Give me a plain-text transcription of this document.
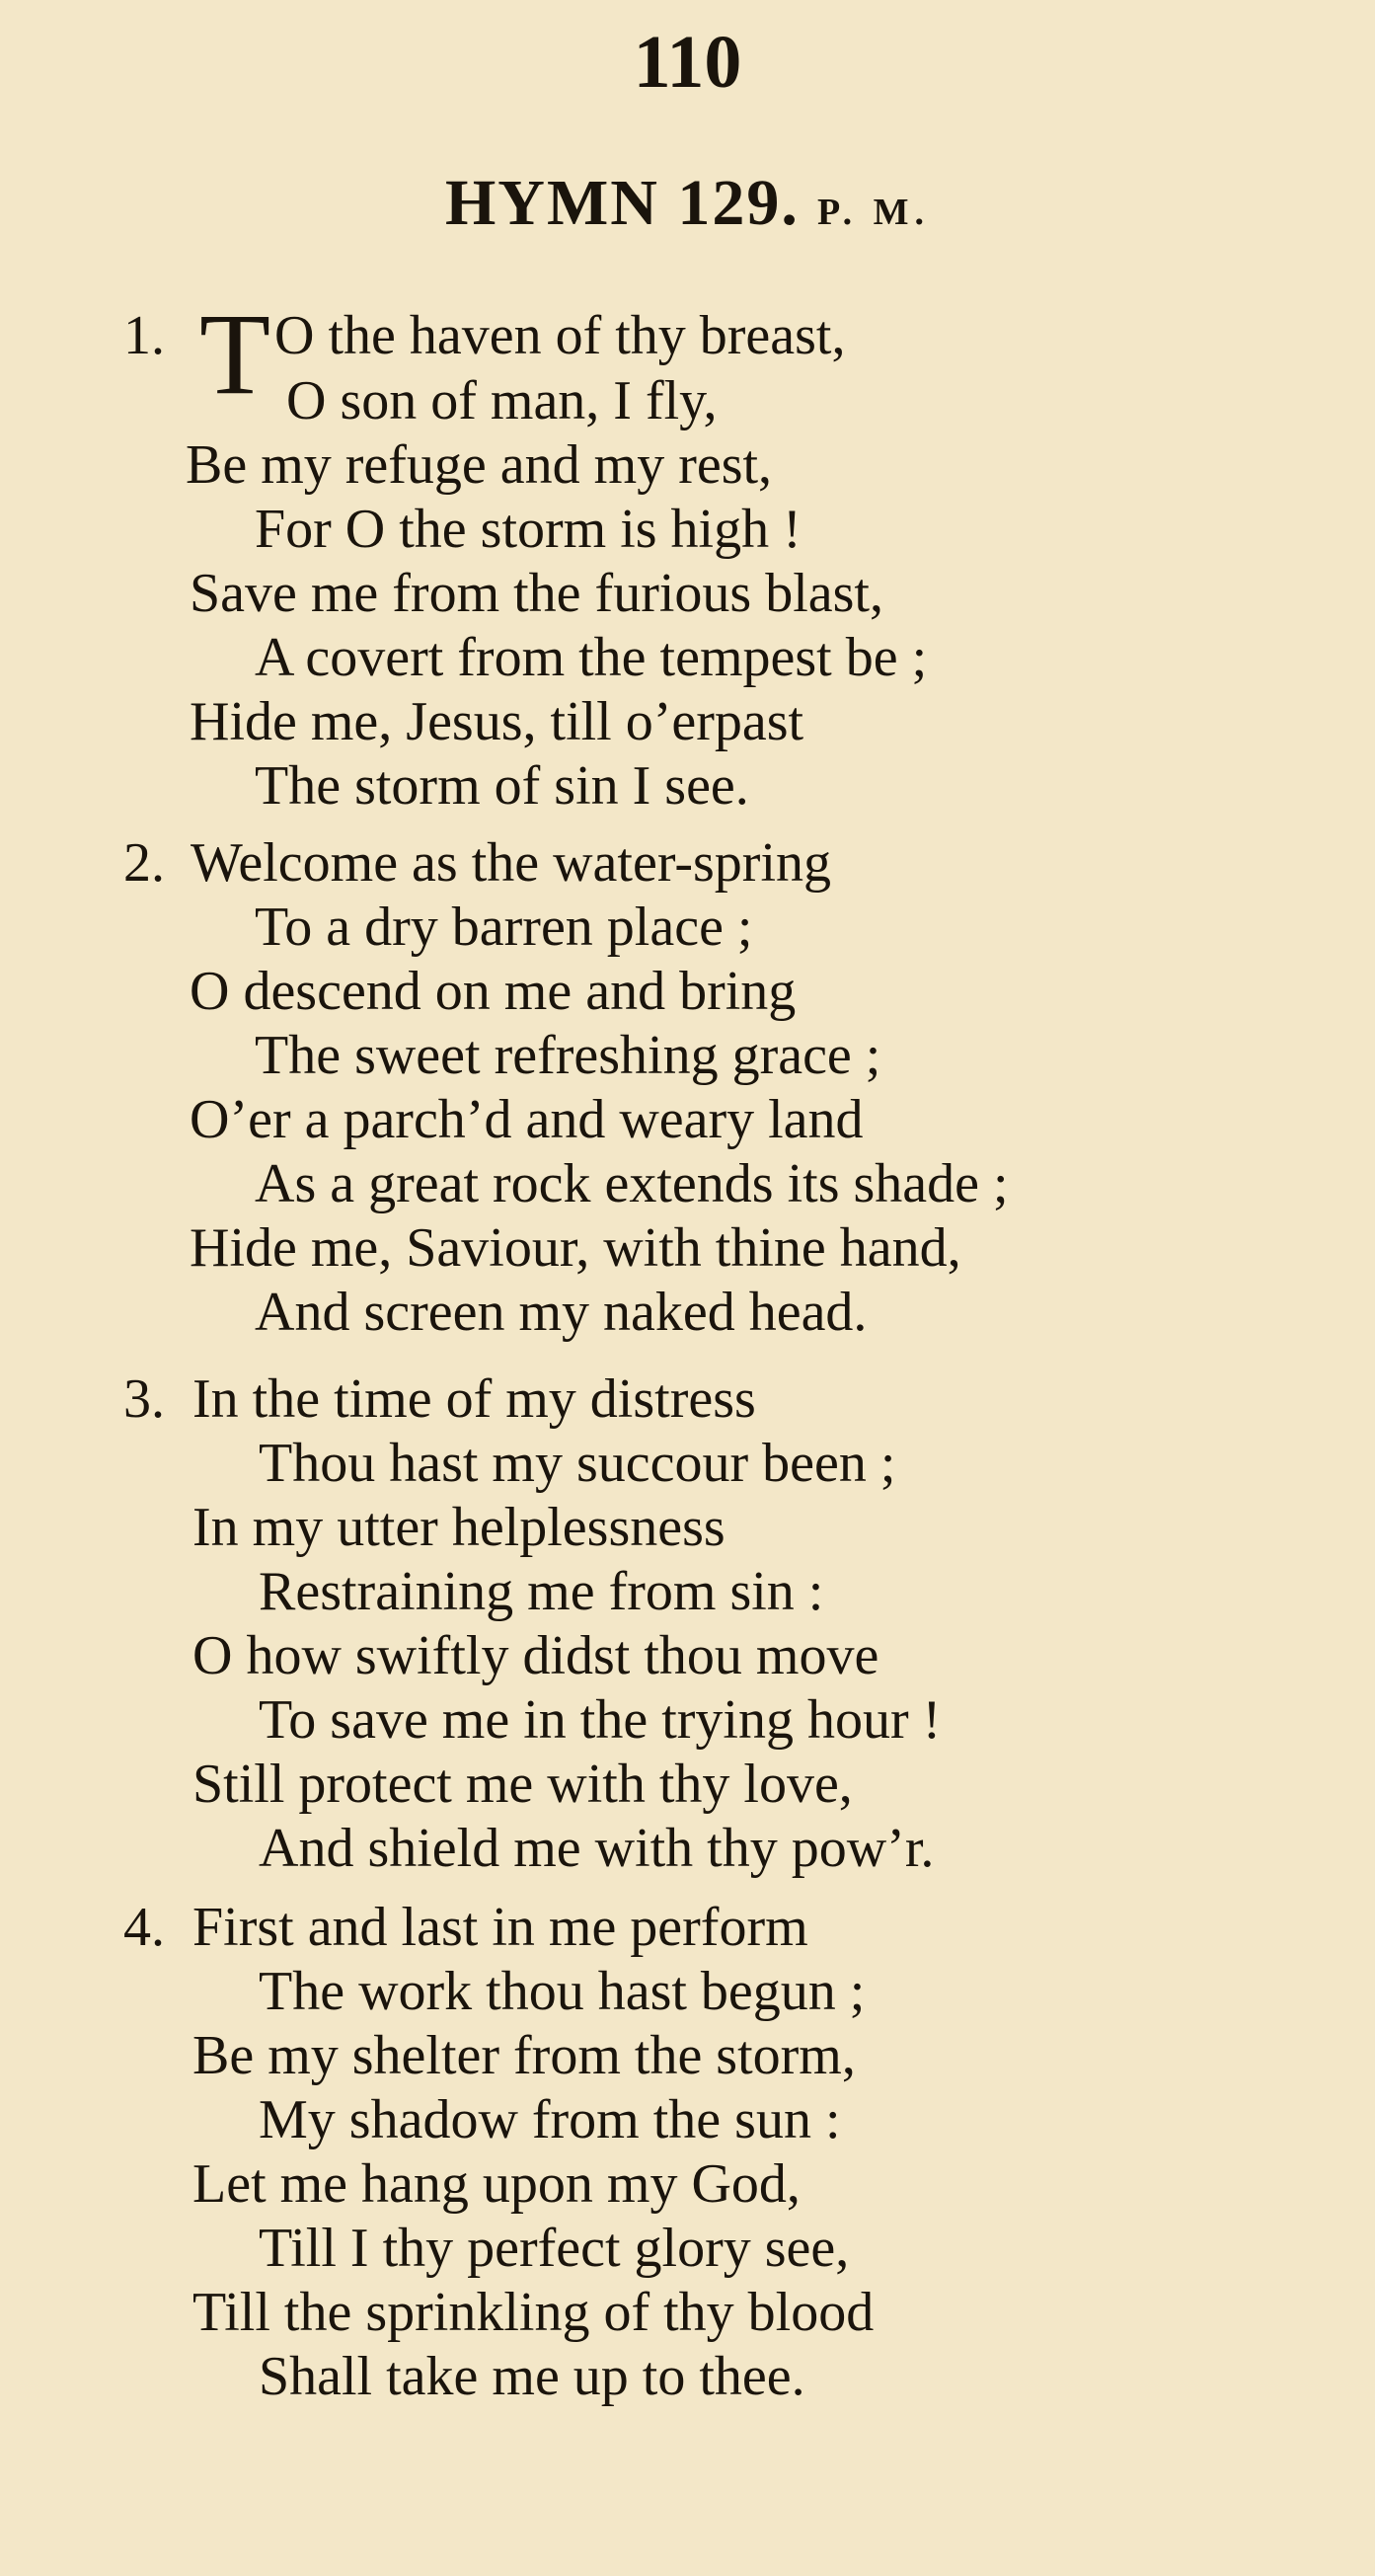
110
HYMN 129. P. M.
1. T O the haven of thy breast,
O son of man, I fly,
Be my refuge and my rest,
For O the storm is high !
Save me from the furious blast,
A covert from the tempest be ;
Hide me, Jesus, till o’erpast
The storm of sin I see.
2. Welcome as the water-spring
To a dry barren place ;
O descend on me and bring
The sweet refreshing grace ;
O’er a parch’d and weary land
As a great rock extends its shade ;
Hide me, Saviour, with thine hand,
And screen my naked head.
3. In the time of my distress
Thou hast my succour been ;
In my utter helplessness
Restraining me from sin :
O how swiftly didst thou move
To save me in the trying hour !
Still protect me with thy love,
And shield me with thy pow’r.
4. First and last in me perform
The work thou hast begun ;
Be my shelter from the storm,
My shadow from the sun :
Let me hang upon my God,
Till I thy perfect glory see,
Till the sprinkling of thy blood
Shall take me up to thee.
